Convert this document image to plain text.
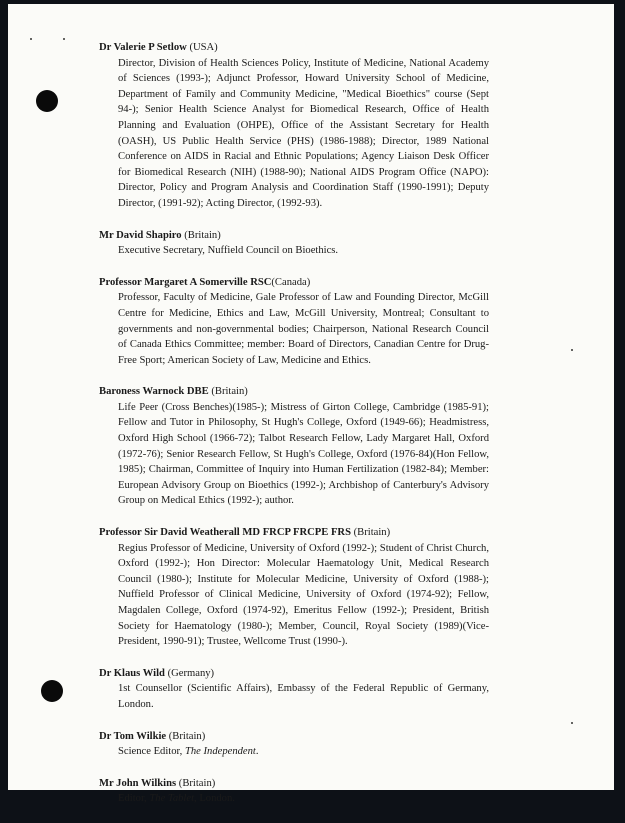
Dr Valerie P Setlow (USA)

Director, Division of Health Sciences Policy, Institute of Medicine, National Academy of Sciences (1993-); Adjunct Professor, Howard University School of Medicine, Department of Family and Community Medicine, "Medical Bioethics" course (Sept 94-); Senior Health Science Analyst for Biomedical Research, Office of Health Planning and Evaluation (OHPE), Office of the Assistant Secretary for Health (OASH), US Public Health Service (PHS) (1986-1988); Director, 1989 National Conference on AIDS in Racial and Ethnic Populations; Agency Liaison Desk Officer for Biomedical Research (NIH) (1988-90); National AIDS Program Office (NAPO): Director, Policy and Program Analysis and Coordination Staff (1990-1991); Deputy Director, (1991-92); Acting Director, (1992-93).

Mr David Shapiro (Britain)

Executive Secretary, Nuffield Council on Bioethics.

Professor Margaret A Somerville RSC(Canada)

Professor, Faculty of Medicine, Gale Professor of Law and Founding Director, McGill Centre for Medicine, Ethics and Law, McGill University, Montreal; Consultant to governments and non-governmental bodies; Chairperson, National Research Council of Canada Ethics Committee; member: Board of Directors, Canadian Centre for Drug-Free Sport; American Society of Law, Medicine and Ethics.

Baroness Warnock DBE (Britain)

Life Peer (Cross Benches)(1985-); Mistress of Girton College, Cambridge (1985-91); Fellow and Tutor in Philosophy, St Hugh's College, Oxford (1949-66); Headmistress, Oxford High School (1966-72); Talbot Research Fellow, Lady Margaret Hall, Oxford (1972-76); Senior Research Fellow, St Hugh's College, Oxford (1976-84)(Hon Fellow, 1985); Chairman, Committee of Inquiry into Human Fertilization (1982-84); Member: European Advisory Group on Bioethics (1992-); Archbishop of Canterbury's Advisory Group on Medical Ethics (1992-); author.

Professor Sir David Weatherall MD FRCP FRCPE FRS (Britain)

Regius Professor of Medicine, University of Oxford (1992-); Student of Christ Church, Oxford (1992-); Hon Director: Molecular Haematology Unit, Medical Research Council (1980-); Institute for Molecular Medicine, University of Oxford (1988-); Nuffield Professor of Clinical Medicine, University of Oxford (1974-92); Fellow, Magdalen College, Oxford (1974-92), Emeritus Fellow (1992-); President, British Society for Haematology (1980-); Member, Council, Royal Society (1989)(Vice-President, 1990-91); Trustee, Wellcome Trust (1990-).

Dr Klaus Wild (Germany)

1st Counsellor (Scientific Affairs), Embassy of the Federal Republic of Germany, London.

Dr Tom Wilkie (Britain)

Science Editor, The Independent.

Mr John Wilkins (Britain)

Editor, The Tablet, London.
